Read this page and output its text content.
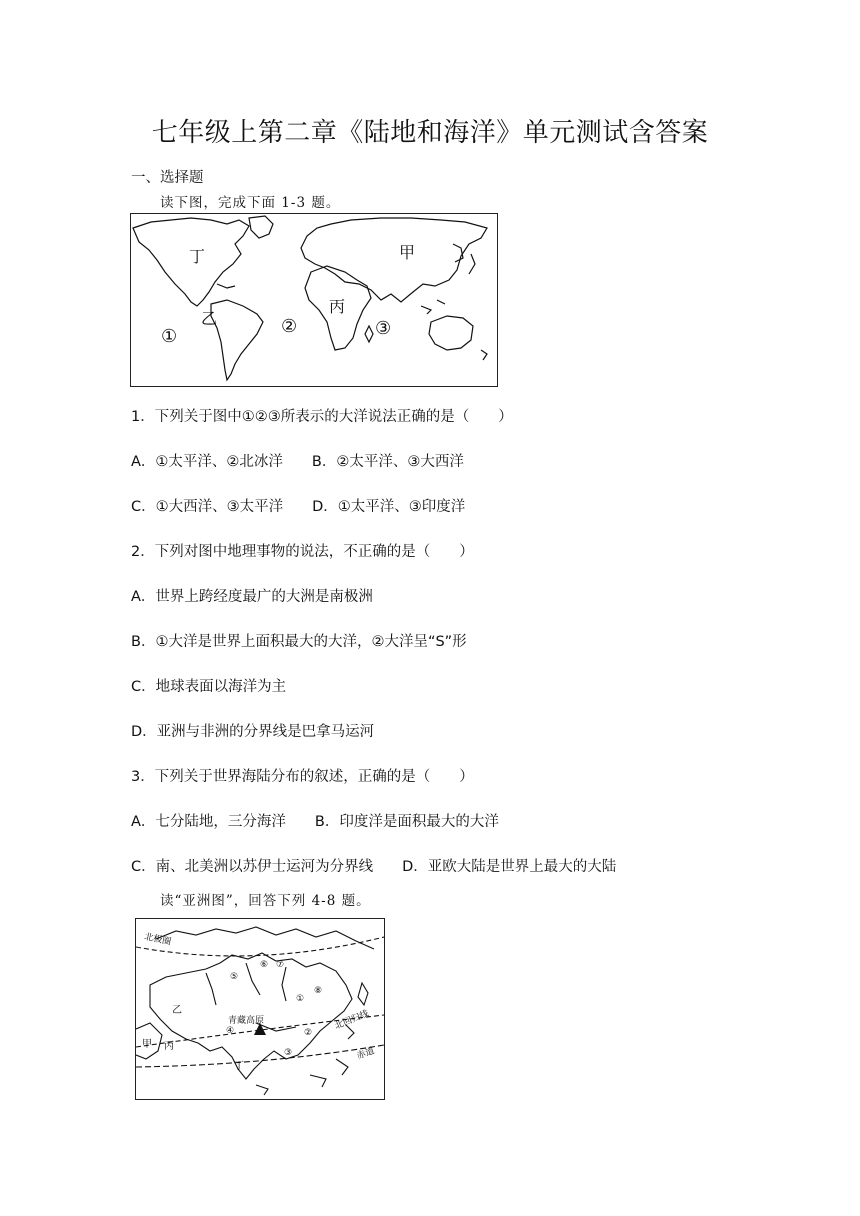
七年级上第二章《陆地和海洋》单元测试含答案
一、选择题
读下图，完成下面 1-3 题。
丁	甲
乙
丙
①	②	③
1．下列关于图中①②③所表示的大洋说法正确的是（　　）
A．①太平洋、②北冰洋　　B．②太平洋、③大西洋
C．①大西洋、③太平洋　　D．①太平洋、③印度洋
2．下列对图中地理事物的说法，不正确的是（　　）
A．世界上跨经度最广的大洲是南极洲
B．①大洋是世界上面积最大的大洋，②大洋呈“S”形
C．地球表面以海洋为主
D．亚洲与非洲的分界线是巴拿马运河
3．下列关于世界海陆分布的叙述，正确的是（　　）
A．七分陆地，三分海洋　　B．印度洋是面积最大的大洋
C．南、北美洲以苏伊士运河为分界线　　D．亚欧大陆是世界上最大的大陆
读“亚洲图”，回答下列 4-8 题。
北极圈
北回归线
赤道
青藏高原
乙
甲 丙
丁
①
②
③
④
⑤
⑥ ⑦
⑧
